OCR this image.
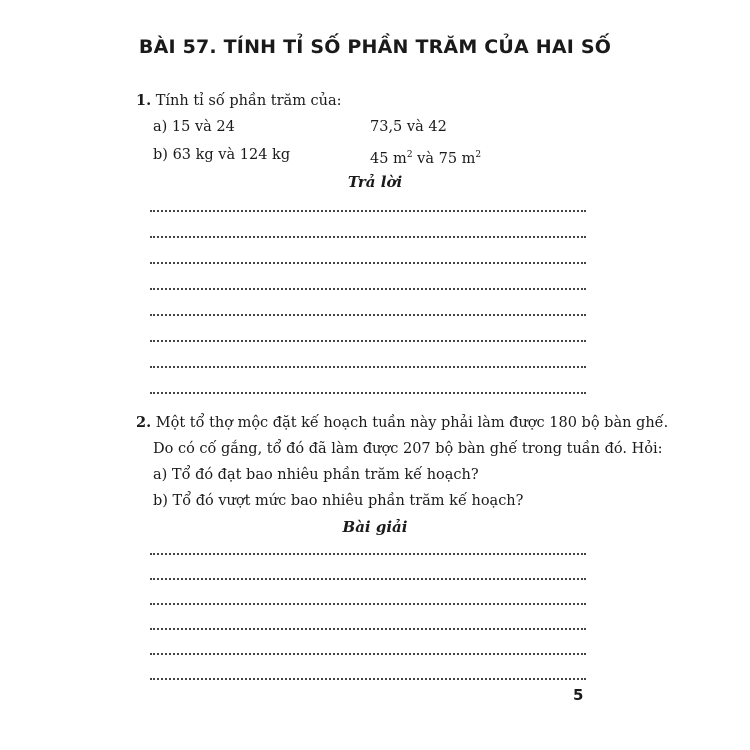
BÀI 57. TÍNH TỈ SỐ PHẦN TRĂM CỦA HAI SỐ
1. Tính tỉ số phần trăm của:
a) 15 và 24	73,5 và 42
b) 63 kg và 124 kg	45 $m^2$ và 75 $m^2$
Trả lời
2. Một tổ thợ mộc đặt kế hoạch tuần này phải làm được 180 bộ bàn ghế.
Do có cố gắng, tổ đó đã làm được 207 bộ bàn ghế trong tuần đó. Hỏi:
a) Tổ đó đạt bao nhiêu phần trăm kế hoạch?
b) Tổ đó vượt mức bao nhiêu phần trăm kế hoạch?
Bài giải
5
